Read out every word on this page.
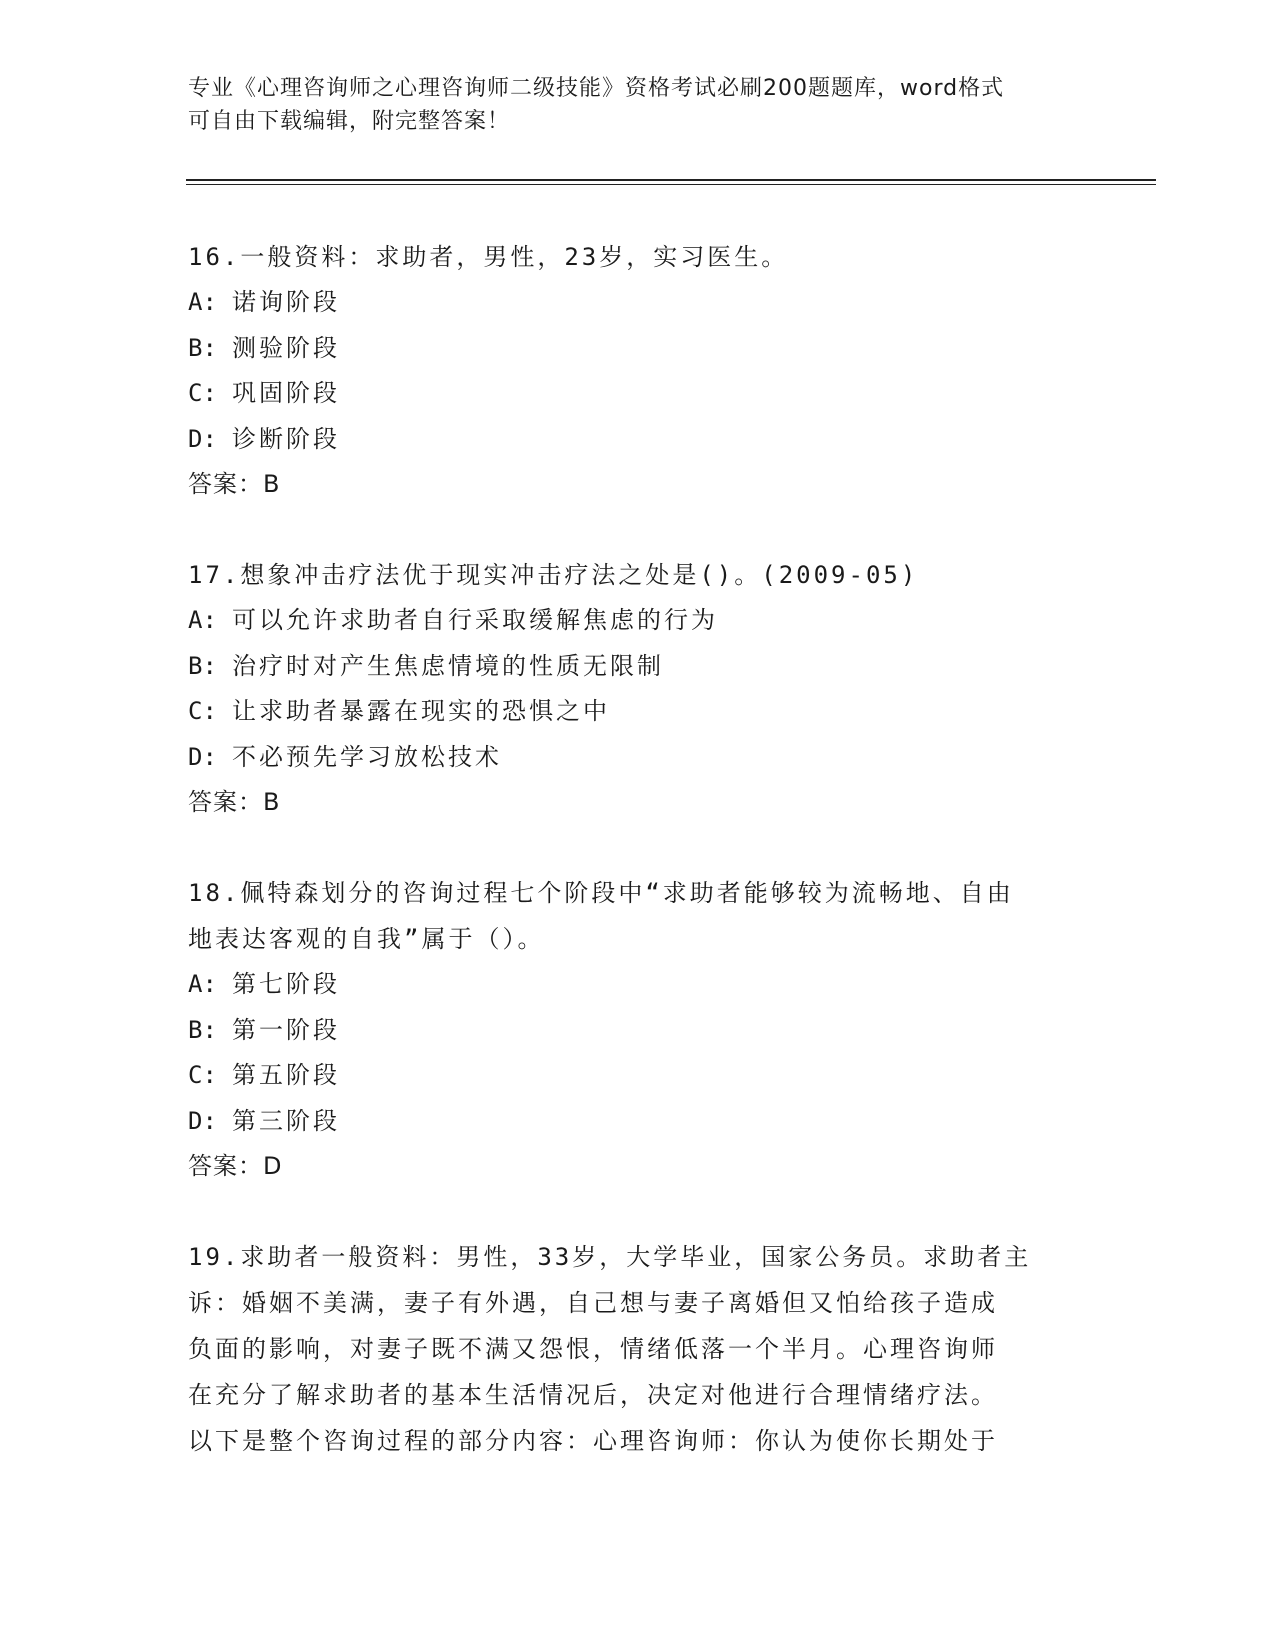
专业《心理咨询师之心理咨询师二级技能》资格考试必刷200题题库，word格式
可自由下载编辑，附完整答案！
16.一般资料：求助者，男性，23岁，实习医生。
A: 诺询阶段
B: 测验阶段
C: 巩固阶段
D: 诊断阶段
答案：B
17.想象冲击疗法优于现实冲击疗法之处是()。(2009-05)
A: 可以允许求助者自行采取缓解焦虑的行为
B: 治疗时对产生焦虑情境的性质无限制
C: 让求助者暴露在现实的恐惧之中
D: 不必预先学习放松技术
答案：B
18.佩特森划分的咨询过程七个阶段中“求助者能够较为流畅地、自由
地表达客观的自我”属于（）。
A: 第七阶段
B: 第一阶段
C: 第五阶段
D: 第三阶段
答案：D
19.求助者一般资料：男性，33岁，大学毕业，国家公务员。求助者主
诉：婚姻不美满，妻子有外遇，自己想与妻子离婚但又怕给孩子造成
负面的影响，对妻子既不满又怨恨，情绪低落一个半月。心理咨询师
在充分了解求助者的基本生活情况后，决定对他进行合理情绪疗法。
以下是整个咨询过程的部分内容：心理咨询师：你认为使你长期处于
